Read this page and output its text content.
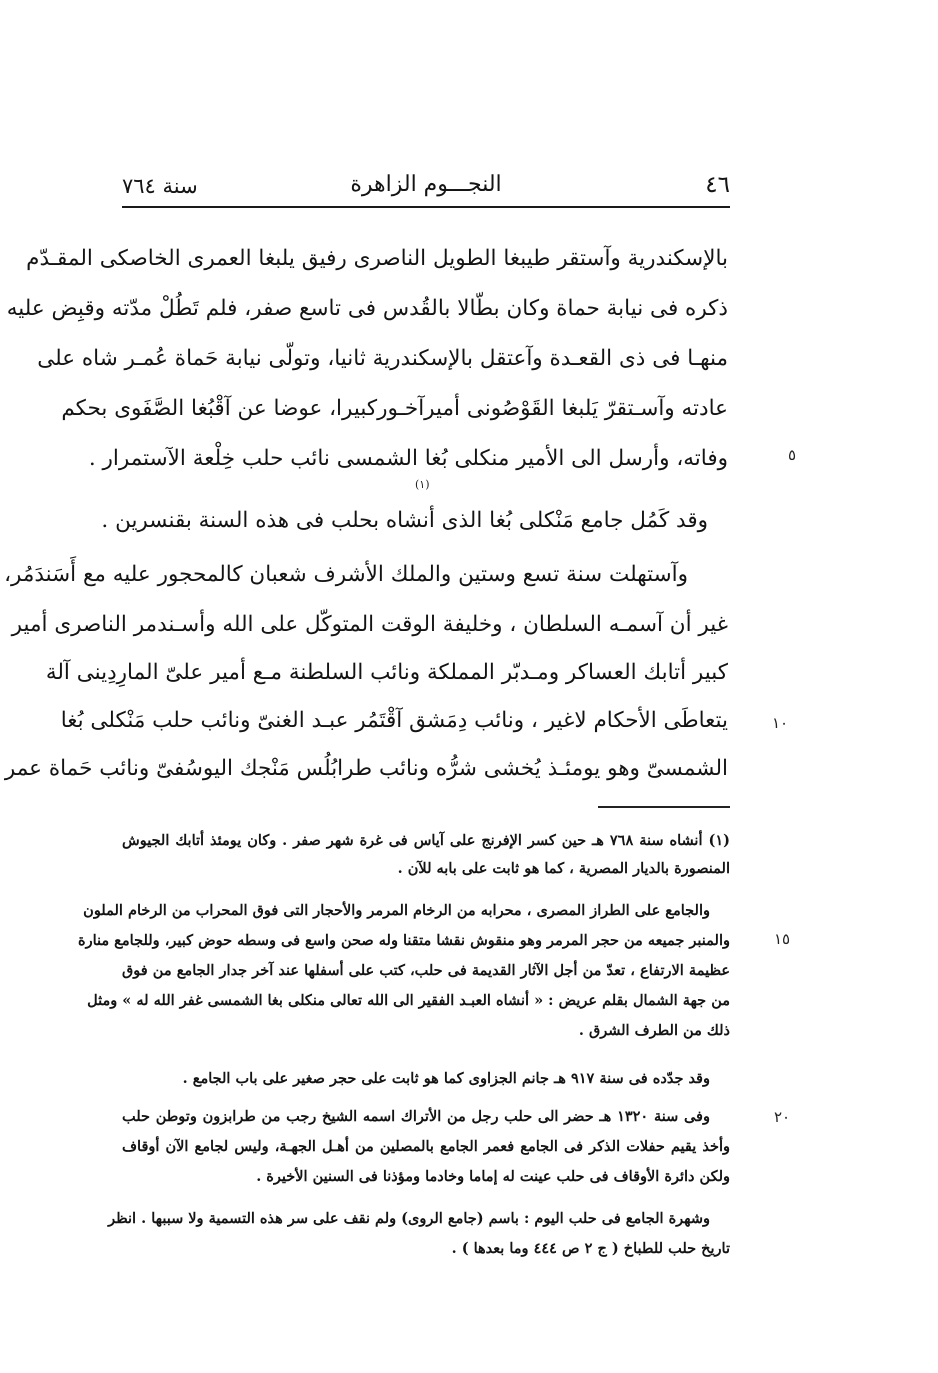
سنة ٧٦٤	النجـــوم الزاهرة	٤٦
بالإسكندرية وآستقر طيبغا الطويل الناصرى رفيق يلبغا العمرى الخاصكى المقـدّم
ذكره فى نيابة حماة وكان بطّالا بالقُدس فى تاسع صفر، فلم تَطُلْ مدّته وقبِض عليه
منهـا فى ذى القعـدة وآعتقل بالإسكندرية ثانيا، وتولّى نيابة حَماة عُمـر شاه على
عادته وآسـتقرّ يَلبغا القَوْصُونى أميرآخـوركبيرا، عوضا عن آقْبُغا الصَّفَوى بحكم
وفاته، وأرسل الى الأمير منكلى بُغا الشمسى نائب حلب خِلْعة الآستمرار .
وقد كَمُل جامع مَنْكلى بُغا الذى أنشاه بحلب فى هذه السنة بقنسرين .
وآستهلت سنة تسع وستين والملك الأشرف شعبان كالمحجور عليه مع أَسَندَمُر،
غير أن آسمـه السلطان ، وخليفة الوقت المتوكّل على الله وأسـندمر الناصرى أمير
كبير أتابك العساكر ومـدبّر المملكة ونائب السلطنة مـع أمير علىّ المارِدِينى آلة
يتعاطَى الأحكام لاغير ، ونائب دِمَشق آقْتَمُر عبـد الغنىّ ونائب حلب مَنْكلى بُغا
الشمسىّ وهو يومئـذ يُخشى شرُّه ونائب طرابُلُس مَنْجك اليوسُفىّ ونائب حَماة عمر
(١)
٥
١٠
١٥
٢٠
(١) أنشاه سنة ٧٦٨ هـ حين كسر الإفرنج على آياس فى غرة شهر صفر . وكان يومئذ أتابك الجيوش
المنصورة بالديار المصرية ، كما هو ثابت على بابه للآن .
والجامع على الطراز المصرى ، محرابه من الرخام المرمر والأحجار التى فوق المحراب من الرخام الملون
والمنبر جميعه من حجر المرمر وهو منقوش نقشا متقنا وله صحن واسع فى وسطه حوض كبير، وللجامع منارة
عظيمة الارتفاع ، تعدّ من أجل الآثار القديمة فى حلب، كتب على أسفلها عند آخر جدار الجامع من فوق
من جهة الشمال بقلم عريض : « أنشاه العبـد الفقير الى الله تعالى منكلى بغا الشمسى غفر الله له » ومثل
ذلك من الطرف الشرق .
وقد جدّده فى سنة ٩١٧ هـ جانم الجزاوى كما هو ثابت على حجر صغير على باب الجامع .
وفى سنة ١٣٢٠ هـ حضر الى حلب رجل من الأتراك اسمه الشيخ رجب من طرابزون وتوطن حلب
وأخذ يقيم حفلات الذكر فى الجامع فعمر الجامع بالمصلين من أهـل الجهـة، وليس لجامع الآن أوقاف
ولكن دائرة الأوقاف فى حلب عينت له إماما وخادما ومؤذنا فى السنين الأخيرة .
وشهرة الجامع فى حلب اليوم : باسم (جامع الروى) ولم نقف على سر هذه التسمية ولا سببها . انظر
تاريخ حلب للطباخ ( ج ٢ ص ٤٤٤ وما بعدها ) .
